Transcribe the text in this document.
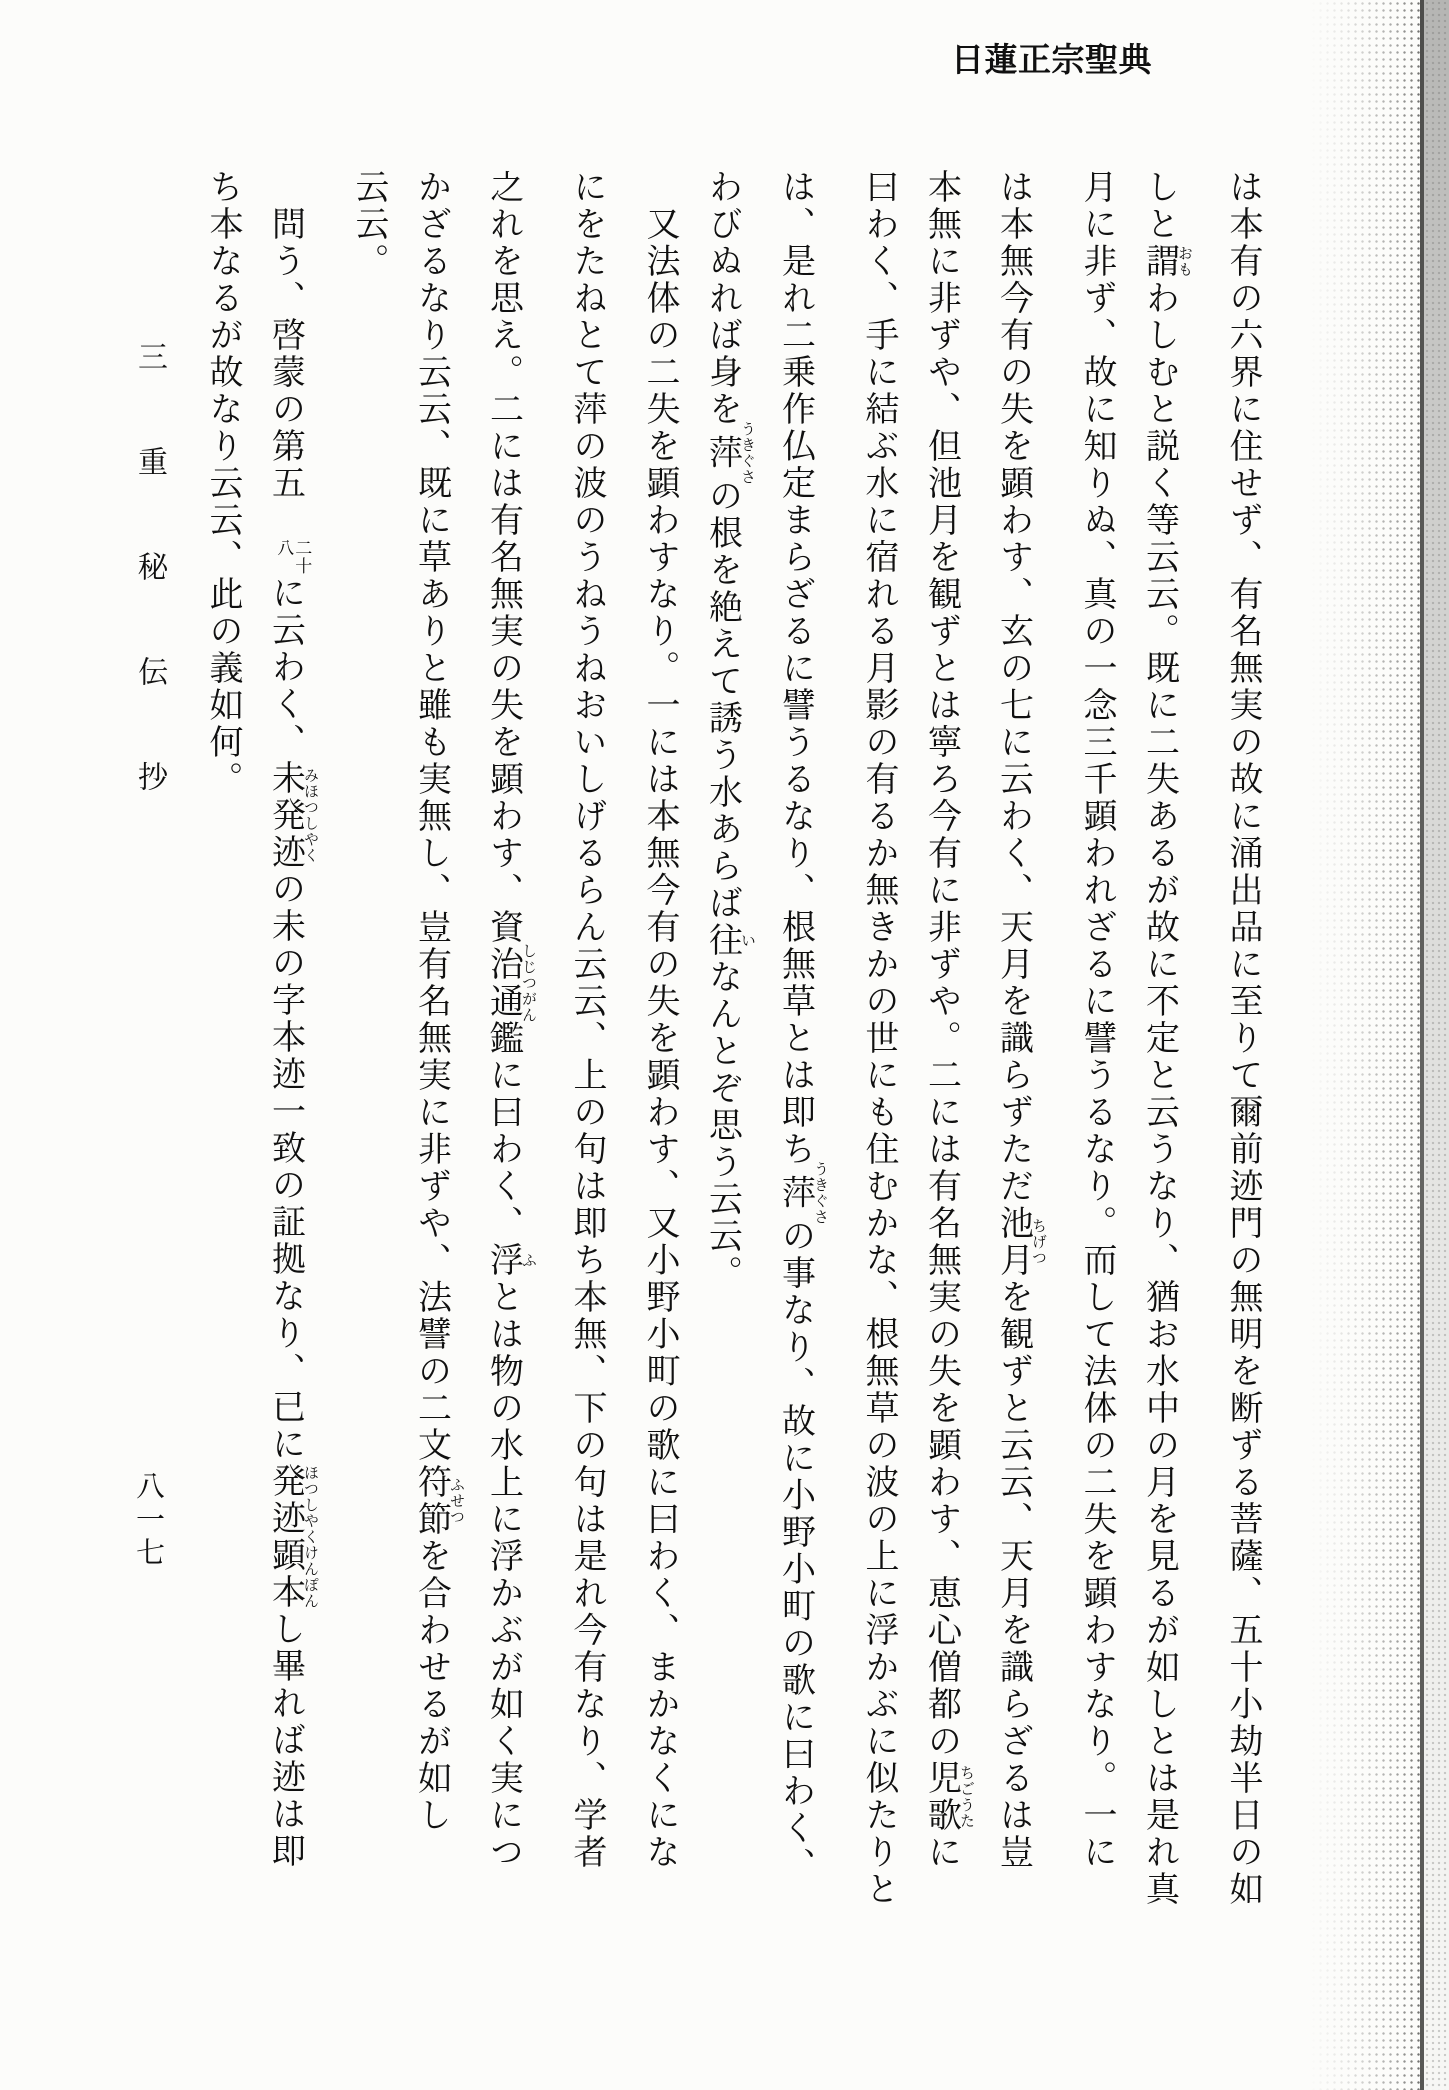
日蓮正宗聖典
は本有の六界に住せず、有名無実の故に涌出品に至りて爾前迹門の無明を断ずる菩薩、五十小劫半日の如
しと謂おもわしむと説く等云云。既に二失あるが故に不定と云うなり、猶お水中の月を見るが如しとは是れ真
月に非ず、故に知りぬ、真の一念三千顕われざるに譬うるなり。而して法体の二失を顕わすなり。一に
は本無今有の失を顕わす、玄の七に云わく、天月を識らずただ池月ちげつを観ずと云云、天月を識らざるは豈
本無に非ずや、但池月を観ずとは寧ろ今有に非ずや。二には有名無実の失を顕わす、恵心僧都の児歌ちごうたに
曰わく、手に結ぶ水に宿れる月影の有るか無きかの世にも住むかな、根無草の波の上に浮かぶに似たりと
は、是れ二乗作仏定まらざるに譬うるなり、根無草とは即ち萍うきぐさの事なり、故に小野小町の歌に曰わく、
わびぬれば身を萍うきぐさの根を絶えて誘う水あらば往いなんとぞ思う云云。
又法体の二失を顕わすなり。一には本無今有の失を顕わす、又小野小町の歌に曰わく、まかなくにな
にをたねとて萍の波のうねうねおいしげるらん云云、上の句は即ち本無、下の句は是れ今有なり、学者
之れを思え。二には有名無実の失を顕わす、資治通鑑しじつがんに曰わく、浮ふとは物の水上に浮かぶが如く実につ
かざるなり云云、既に草ありと雖も実無し、豈有名無実に非ずや、法譬の二文符節ふせつを合わせるが如し
云云。
問う、啓蒙の第五
二十
八
に云わく、未発迹みほつしやくの未の字本迹一致の証拠なり、已に発迹顕本ほつしやくけんぽんし畢れば迹は即
ち本なるが故なり云云、此の義如何。
三 重 秘 伝 抄
八一七
